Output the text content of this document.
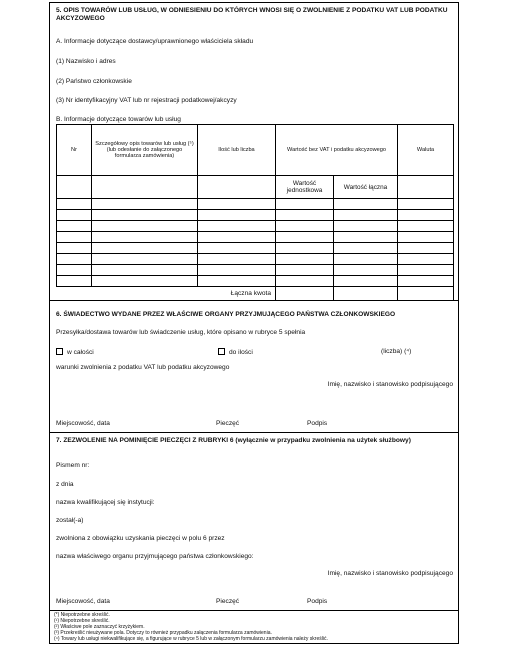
5. OPIS TOWARÓW LUB USŁUG, W ODNIESIENIU DO KTÓRYCH WNOSI SIĘ O ZWOLNIENIE Z PODATKU VAT LUB PODATKU AKCYZOWEGO
A. Informacje dotyczące dostawcy/uprawnionego właściciela składu
(1) Nazwisko i adres
(2) Państwo członkowskie
(3) Nr identyfikacyjny VAT lub nr rejestracji podatkowej/akcyzy
B. Informacje dotyczące towarów lub usług
Nr	Szczegółowy opis towarów lub usług (⁵) (lub odesłanie do załączonego formularza zamówienia)	Ilość lub liczba	Wartość bez VAT i podatku akcyzowego		Waluta
			Wartość jednostkowa	Wartość łączna	

Łączna kwota					
6. ŚWIADECTWO WYDANE PRZEZ WŁAŚCIWE ORGANY PRZYJMUJĄCEGO PAŃSTWA CZŁONKOWSKIEGO
Przesyłka/dostawa towarów lub świadczenie usług, które opisano w rubryce 5 spełnia
w całości	do ilości	(liczba) (⁴)
warunki zwolnienia z podatku VAT lub podatku akcyzowego
Imię, nazwisko i stanowisko podpisującego
Miejscowość, data	Pieczęć	Podpis
7. ZEZWOLENIE NA POMINIĘCIE PIECZĘCI Z RUBRYKI 6 (wyłącznie w przypadku zwolnienia na użytek służbowy)
Pismem nr:
z dnia
nazwa kwalifikującej się instytucji:
został(-a)
zwolniona z obowiązku uzyskania pieczęci w polu 6 przez
nazwa właściwego organu przyjmującego państwa członkowskiego:
Imię, nazwisko i stanowisko podpisującego
Miejscowość, data	Pieczęć	Podpis
(*) Niepotrzebne skreślić.
(¹) Niepotrzebne skreślić.
(²) Właściwe pole zaznaczyć krzyżykiem.
(³) Przekreślić nieużywane pola. Dotyczy to również przypadku załączenia formularza zamówienia.
(⁴) Towary lub usługi niekwalifikujące się, a figurujące w rubryce 5 lub w załączonym formularzu zamówienia należy skreślić.
